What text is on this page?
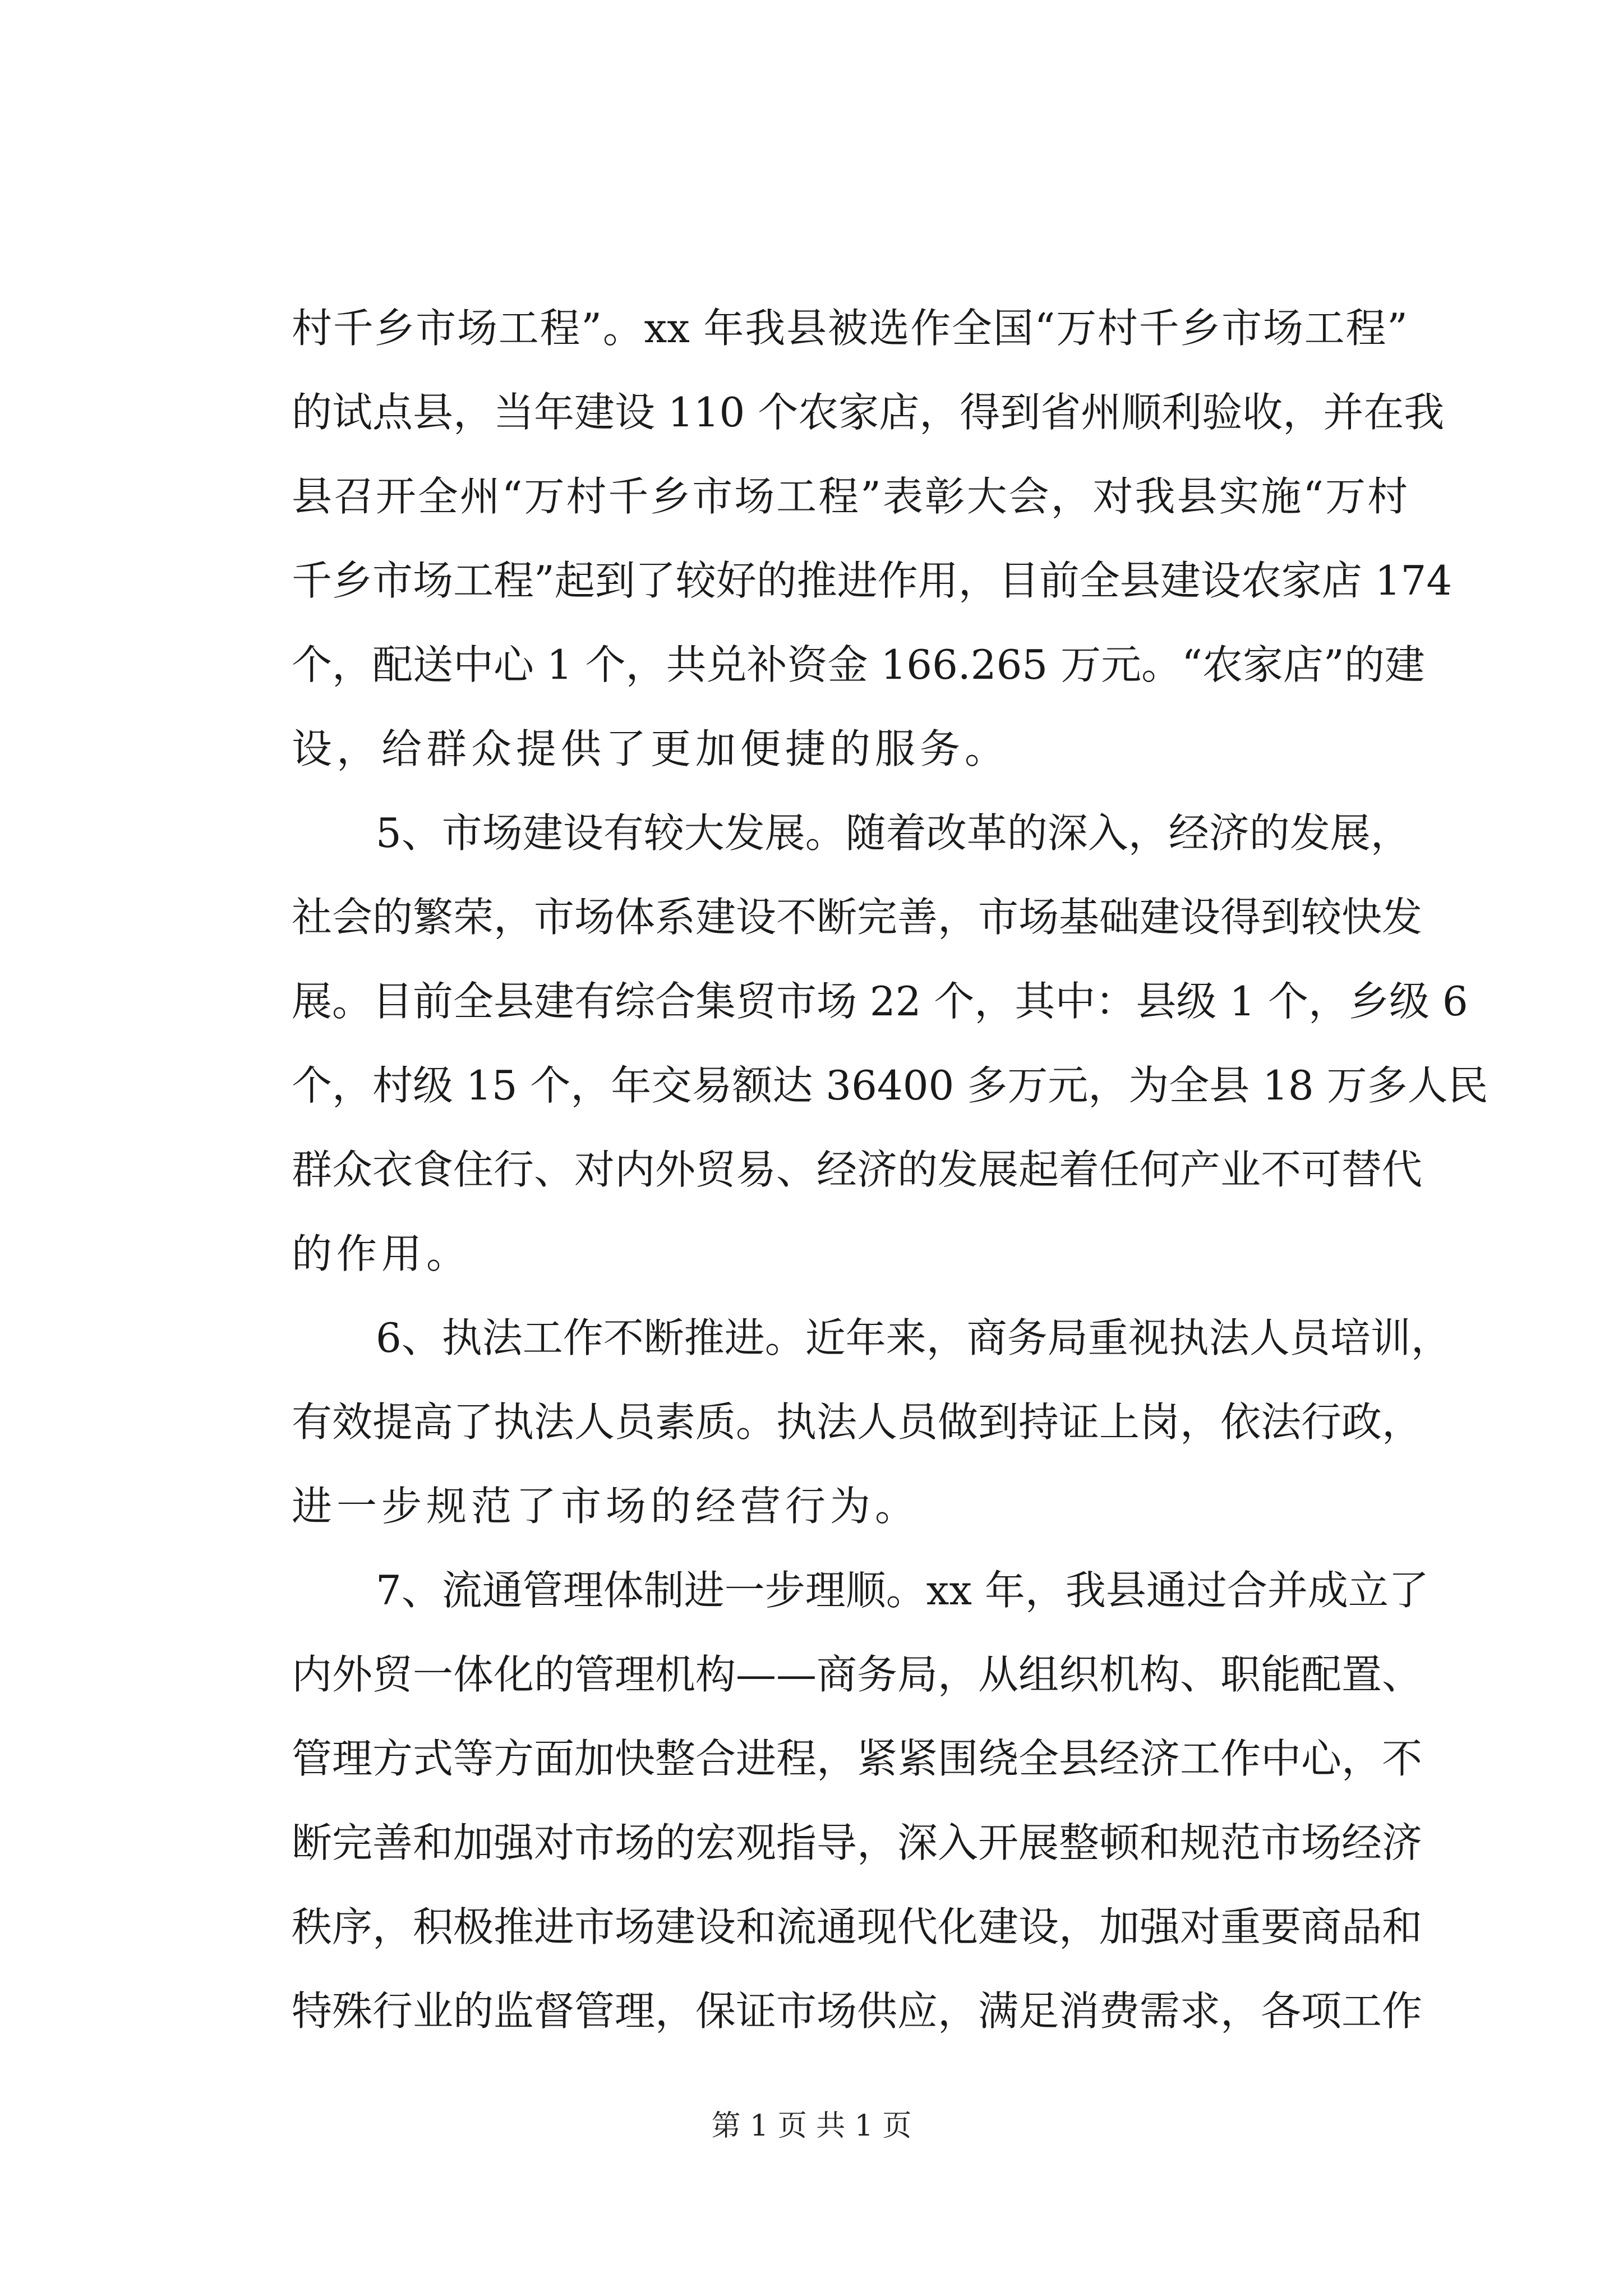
村千乡市场工程”。xx 年我县被选作全国“万村千乡市场工程”
的试点县，当年建设 110 个农家店，得到省州顺利验收，并在我
县召开全州“万村千乡市场工程”表彰大会，对我县实施“万村
千乡市场工程”起到了较好的推进作用，目前全县建设农家店 174
个，配送中心 1 个，共兑补资金 166.265 万元。“农家店”的建
设，给群众提供了更加便捷的服务。
5、市场建设有较大发展。随着改革的深入，经济的发展，
社会的繁荣，市场体系建设不断完善，市场基础建设得到较快发
展。目前全县建有综合集贸市场 22 个，其中：县级 1 个，乡级 6
个，村级 15 个，年交易额达 36400 多万元，为全县 18 万多人民
群众衣食住行、对内外贸易、经济的发展起着任何产业不可替代
的作用。
6、执法工作不断推进。近年来，商务局重视执法人员培训，
有效提高了执法人员素质。执法人员做到持证上岗，依法行政，
进一步规范了市场的经营行为。
7、流通管理体制进一步理顺。xx 年，我县通过合并成立了
内外贸一体化的管理机构——商务局，从组织机构、职能配置、
管理方式等方面加快整合进程，紧紧围绕全县经济工作中心，不
断完善和加强对市场的宏观指导，深入开展整顿和规范市场经济
秩序，积极推进市场建设和流通现代化建设，加强对重要商品和
特殊行业的监督管理，保证市场供应，满足消费需求，各项工作
第 1 页 共 1 页
